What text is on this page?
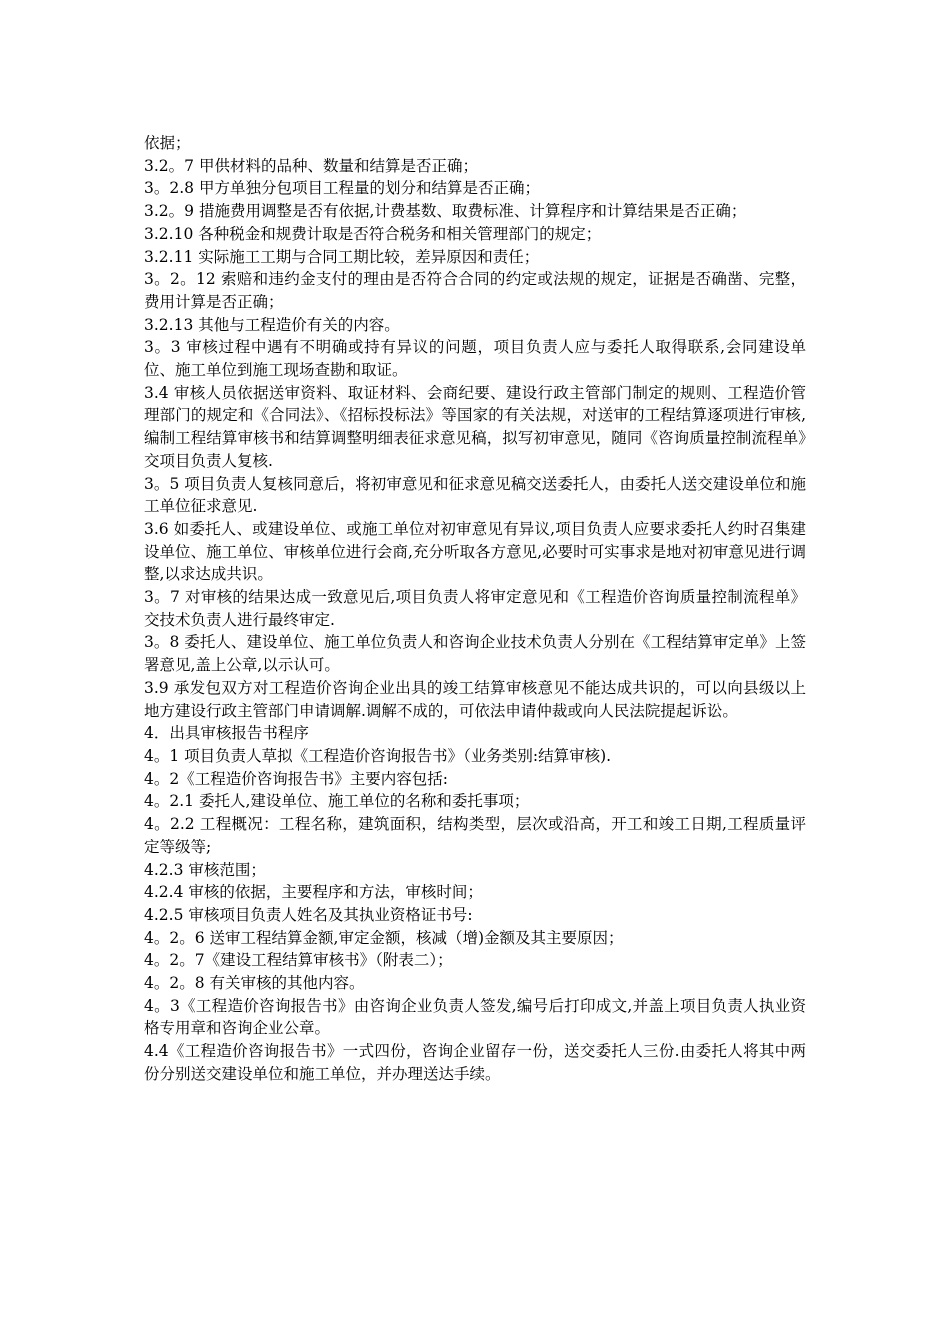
依据；

3.2。7 甲供材料的品种、数量和结算是否正确；

3。2.8 甲方单独分包项目工程量的划分和结算是否正确；

3.2。9 措施费用调整是否有依据,计费基数、取费标准、计算程序和计算结果是否正确；

3.2.10 各种税金和规费计取是否符合税务和相关管理部门的规定；

3.2.11 实际施工工期与合同工期比较，差异原因和责任；

3。2。12 索赔和违约金支付的理由是否符合合同的约定或法规的规定，证据是否确凿、完整，费用计算是否正确；

3.2.13 其他与工程造价有关的内容。

3。3 审核过程中遇有不明确或持有异议的问题，项目负责人应与委托人取得联系,会同建设单位、施工单位到施工现场查勘和取证。

3.4 审核人员依据送审资料、取证材料、会商纪要、建设行政主管部门制定的规则、工程造价管理部门的规定和《合同法》、《招标投标法》等国家的有关法规，对送审的工程结算逐项进行审核,编制工程结算审核书和结算调整明细表征求意见稿，拟写初审意见，随同《咨询质量控制流程单》交项目负责人复核.

3。5 项目负责人复核同意后，将初审意见和征求意见稿交送委托人，由委托人送交建设单位和施工单位征求意见.

3.6 如委托人、或建设单位、或施工单位对初审意见有异议,项目负责人应要求委托人约时召集建设单位、施工单位、审核单位进行会商,充分听取各方意见,必要时可实事求是地对初审意见进行调整,以求达成共识。

3。7 对审核的结果达成一致意见后,项目负责人将审定意见和《工程造价咨询质量控制流程单》交技术负责人进行最终审定.

3。8 委托人、建设单位、施工单位负责人和咨询企业技术负责人分别在《工程结算审定单》上签署意见,盖上公章,以示认可。

3.9 承发包双方对工程造价咨询企业出具的竣工结算审核意见不能达成共识的，可以向县级以上地方建设行政主管部门申请调解.调解不成的，可依法申请仲裁或向人民法院提起诉讼。

4．出具审核报告书程序

4。1 项目负责人草拟《工程造价咨询报告书》（业务类别:结算审核).

4。2《工程造价咨询报告书》主要内容包括:

4。2.1 委托人,建设单位、施工单位的名称和委托事项；

4。2.2 工程概况：工程名称，建筑面积，结构类型，层次或沿高，开工和竣工日期,工程质量评定等级等;

4.2.3 审核范围；

4.2.4 审核的依据，主要程序和方法，审核时间；

4.2.5 审核项目负责人姓名及其执业资格证书号:

4。2。6 送审工程结算金额,审定金额，核减（增)金额及其主要原因；

4。2。7《建设工程结算审核书》（附表二）；

4。2。8 有关审核的其他内容。

4。3《工程造价咨询报告书》由咨询企业负责人签发,编号后打印成文,并盖上项目负责人执业资格专用章和咨询企业公章。

4.4《工程造价咨询报告书》一式四份，咨询企业留存一份，送交委托人三份.由委托人将其中两份分别送交建设单位和施工单位，并办理送达手续。
